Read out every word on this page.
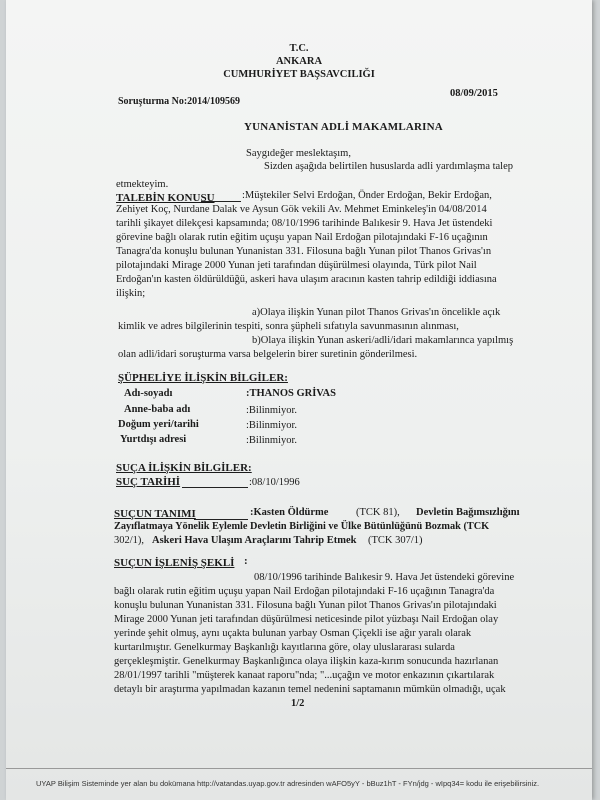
T.C.
ANKARA
CUMHURİYET BAŞSAVCILIĞI
08/09/2015
Soruşturma No:2014/109569
YUNANİSTAN ADLİ MAKAMLARINA
Saygıdeğer meslektaşım,
Sizden aşağıda belirtilen hususlarda adli yardımlaşma talep
etmekteyim.
TALEBİN KONUSU	:Müştekiler Selvi Erdoğan, Önder Erdoğan, Bekir Erdoğan,
Zehiyet Koç, Nurdane Dalak ve Aysun Gök vekili Av. Mehmet Eminkeleş'in 04/08/2014
tarihli şikayet dilekçesi kapsamında; 08/10/1996 tarihinde Balıkesir 9. Hava Jet üstendeki
görevine bağlı olarak rutin eğitim uçuşu yapan Nail Erdoğan pilotajındaki F-16 uçağının
Tanagra'da konuşlu bulunan Yunanistan 331. Filosuna bağlı Yunan pilot Thanos Grivas'ın
pilotajındaki Mirage 2000 Yunan jeti tarafından düşürülmesi olayında, Türk pilot Nail
Erdoğan'ın kasten öldürüldüğü, askeri hava ulaşım aracının kasten tahrip edildiği iddiasına
ilişkin;
a)Olaya ilişkin Yunan pilot Thanos Grivas'ın öncelikle açık
kimlik ve adres bilgilerinin tespiti, sonra şüpheli sıfatıyla savunmasının alınması,
b)Olaya ilişkin Yunan askeri/adli/idari makamlarınca yapılmış
olan adli/idari soruşturma varsa belgelerin birer suretinin gönderilmesi.
ŞÜPHELİYE İLİŞKİN BİLGİLER:
Adı-soyadı	:THANOS GRİVAS
Anne-baba adı	:Bilinmiyor.
Doğum yeri/tarihi	:Bilinmiyor.
Yurtdışı adresi	:Bilinmiyor.
SUÇA İLİŞKİN BİLGİLER:
SUÇ TARİHİ	:08/10/1996
SUÇUN TANIMI	:Kasten Öldürme	(TCK 81), Devletin Bağımsızlığını
Zayıflatmaya Yönelik Eylemle Devletin Birliğini ve Ülke Bütünlüğünü Bozmak (TCK
302/1), Askeri Hava Ulaşım Araçlarını Tahrip Etmek (TCK 307/1)
SUÇUN İŞLENİŞ ŞEKLİ :
08/10/1996 tarihinde Balıkesir 9. Hava Jet üstendeki görevine
bağlı olarak rutin eğitim uçuşu yapan Nail Erdoğan pilotajındaki F-16 uçağının Tanagra'da
konuşlu bulunan Yunanistan 331. Filosuna bağlı Yunan pilot Thanos Grivas'ın pilotajındaki
Mirage 2000 Yunan jeti tarafından düşürülmesi neticesinde pilot yüzbaşı Nail Erdoğan olay
yerinde şehit olmuş, aynı uçakta bulunan yarbay Osman Çiçekli ise ağır yaralı olarak
kurtarılmıştır. Genelkurmay Başkanlığı kayıtlarına göre, olay uluslararası sularda
gerçekleşmiştir. Genelkurmay Başkanlığınca olaya ilişkin kaza-kırım sonucunda hazırlanan
28/01/1997 tarihli "müşterek kanaat raporu"nda; "...uçağın ve motor enkazının çıkartılarak
detaylı bir araştırma yapılmadan kazanın temel nedenini saptamanın mümkün olmadığı, uçak
1/2
UYAP Bilişim Sisteminde yer alan bu dokümana http://vatandas.uyap.gov.tr adresinden wAFO5yY - bBuz1hT - FYn/jdg - wIpq34= kodu ile erişebilirsiniz.
